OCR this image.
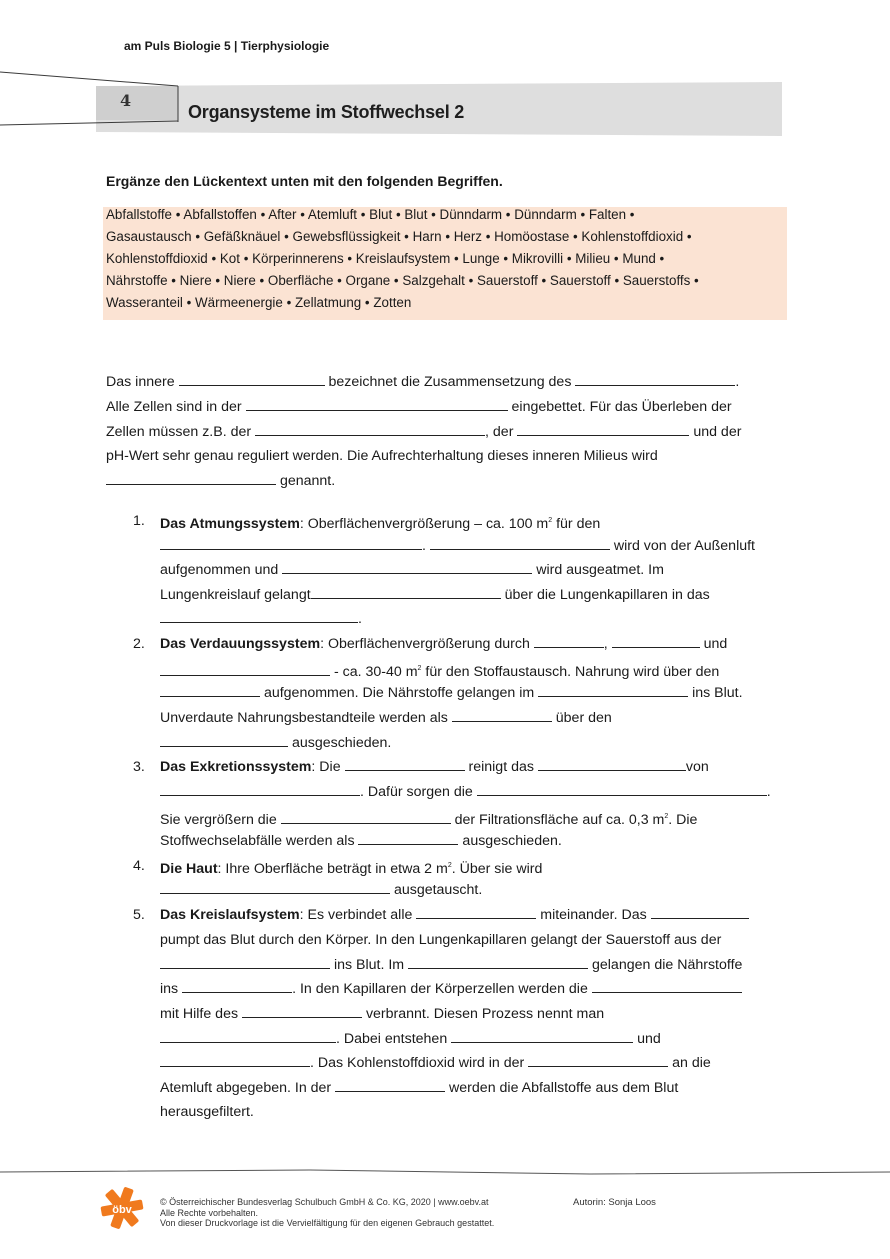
am Puls Biologie 5 | Tierphysiologie
4
Organsysteme im Stoffwechsel 2
Ergänze den Lückentext unten mit den folgenden Begriffen.
Abfallstoffe • Abfallstoffen • After • Atemluft • Blut • Blut • Dünndarm • Dünndarm • Falten •
Gasaustausch • Gefäßknäuel • Gewebsflüssigkeit • Harn • Herz • Homöostase • Kohlenstoffdioxid •
Kohlenstoffdioxid • Kot • Körperinnerens • Kreislaufsystem • Lunge • Mikrovilli • Milieu • Mund •
Nährstoffe • Niere • Niere • Oberfläche • Organe • Salzgehalt • Sauerstoff • Sauerstoff • Sauerstoffs •
Wasseranteil • Wärmeenergie • Zellatmung • Zotten
Das innere	bezeichnet die Zusammensetzung des	.
Alle Zellen sind in der	eingebettet. Für das Überleben der
Zellen müssen z.B. der	, der	und der
pH-Wert sehr genau reguliert werden. Die Aufrechterhaltung dieses inneren Milieus wird
genannt.
1. Das Atmungssystem: Oberflächenvergrößerung – ca. 100 $m^2$ für den
.	wird von der Außenluft
aufgenommen und	wird ausgeatmet. Im
Lungenkreislauf gelangt	über die Lungenkapillaren in das
.
2. Das Verdauungssystem: Oberflächenvergrößerung durch	,	und
- ca. 30-40 $m^2$ für den Stoffaustausch. Nahrung wird über den
aufgenommen. Die Nährstoffe gelangen im	ins Blut.
Unverdaute Nahrungsbestandteile werden als	über den
ausgeschieden.
3. Das Exkretionssystem: Die	reinigt das	von
. Dafür sorgen die	.
Sie vergrößern die	der Filtrationsfläche auf ca. 0,3 $m^2$. Die
Stoffwechselabfälle werden als	ausgeschieden.
4. Die Haut: Ihre Oberfläche beträgt in etwa 2 $m^2$. Über sie wird
ausgetauscht.
5. Das Kreislaufsystem: Es verbindet alle	miteinander. Das
pumpt das Blut durch den Körper. In den Lungenkapillaren gelangt der Sauerstoff aus der
ins Blut. Im	gelangen die Nährstoffe
ins	. In den Kapillaren der Körperzellen werden die
mit Hilfe des	verbrannt. Diesen Prozess nennt man
. Dabei entstehen	und
. Das Kohlenstoffdioxid wird in der	an die
Atemluft abgegeben. In der	werden die Abfallstoffe aus dem Blut
herausgefiltert.
öbv
© Österreichischer Bundesverlag Schulbuch GmbH & Co. KG, 2020 | www.oebv.at
Alle Rechte vorbehalten.
Von dieser Druckvorlage ist die Vervielfältigung für den eigenen Gebrauch gestattet.
Autorin: Sonja Loos
